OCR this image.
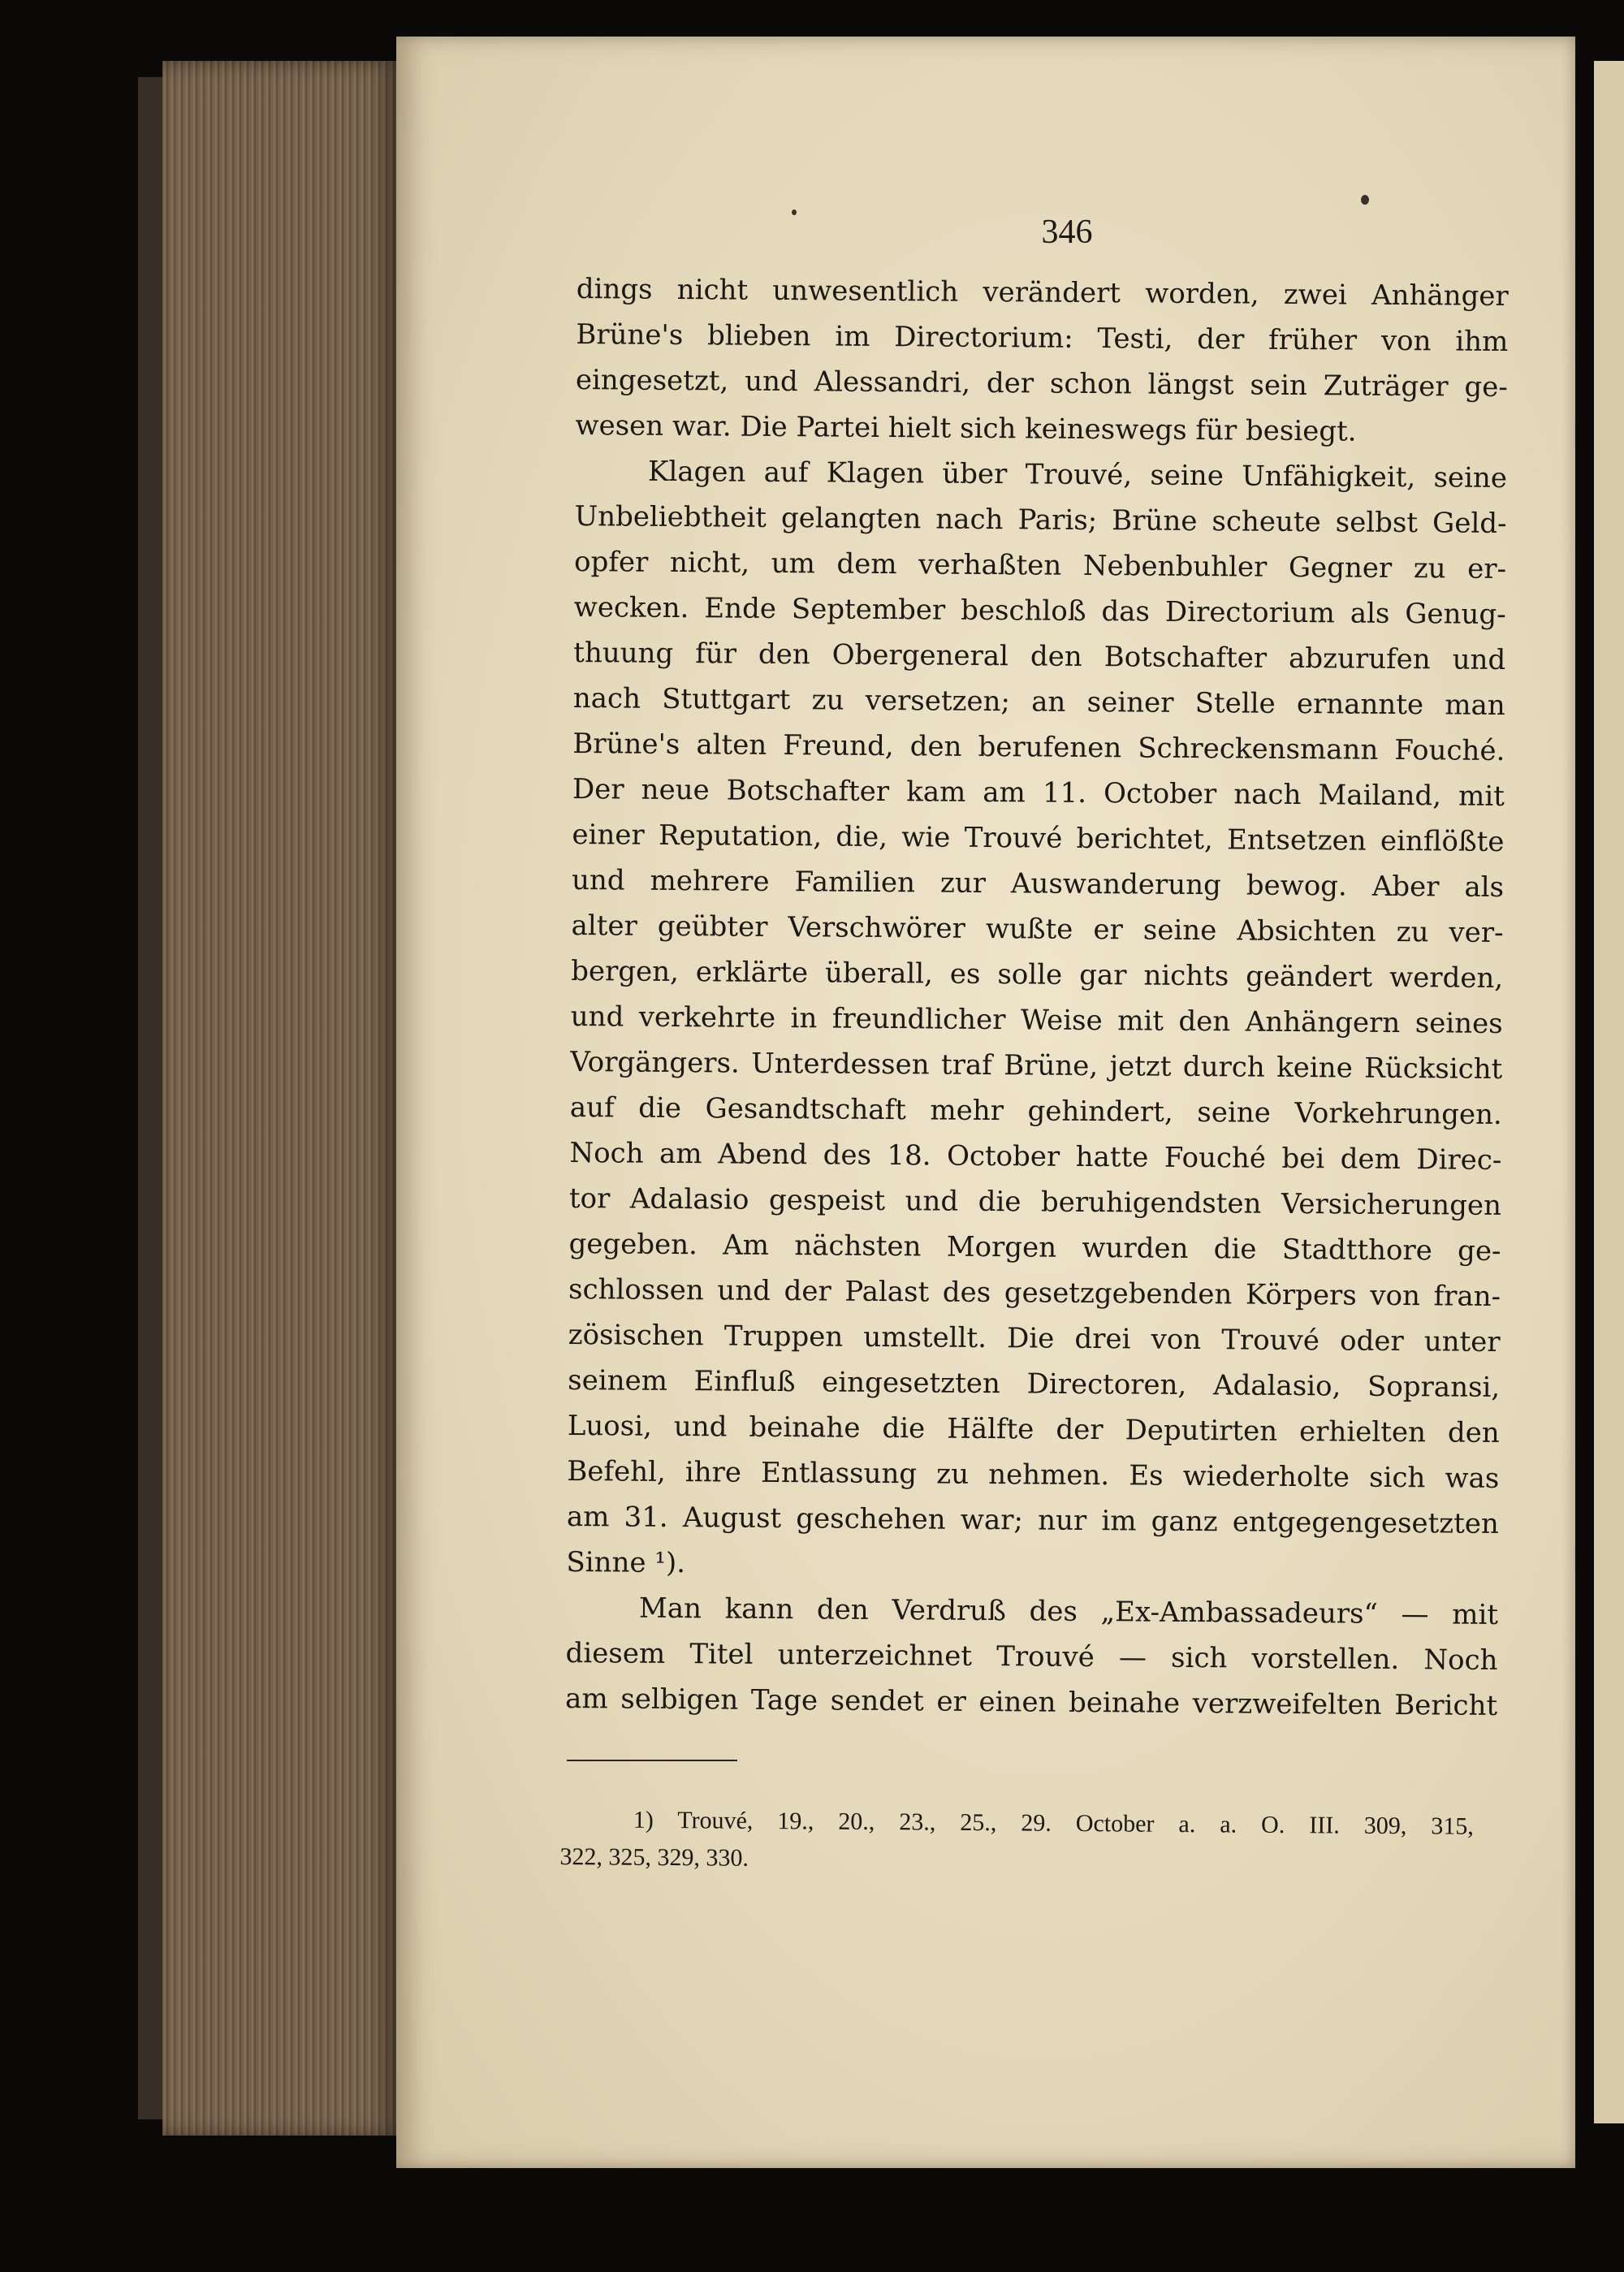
346
dings nicht unwesentlich verändert worden, zwei Anhänger
Brüne's blieben im Directorium: Testi, der früher von ihm
eingesetzt, und Alessandri, der schon längst sein Zuträger ge-
wesen war. Die Partei hielt sich keineswegs für besiegt.
Klagen auf Klagen über Trouvé, seine Unfähigkeit, seine
Unbeliebtheit gelangten nach Paris; Brüne scheute selbst Geld-
opfer nicht, um dem verhaßten Nebenbuhler Gegner zu er-
wecken. Ende September beschloß das Directorium als Genug-
thuung für den Obergeneral den Botschafter abzurufen und
nach Stuttgart zu versetzen; an seiner Stelle ernannte man
Brüne's alten Freund, den berufenen Schreckensmann Fouché.
Der neue Botschafter kam am 11. October nach Mailand, mit
einer Reputation, die, wie Trouvé berichtet, Entsetzen einflößte
und mehrere Familien zur Auswanderung bewog. Aber als
alter geübter Verschwörer wußte er seine Absichten zu ver-
bergen, erklärte überall, es solle gar nichts geändert werden,
und verkehrte in freundlicher Weise mit den Anhängern seines
Vorgängers. Unterdessen traf Brüne, jetzt durch keine Rücksicht
auf die Gesandtschaft mehr gehindert, seine Vorkehrungen.
Noch am Abend des 18. October hatte Fouché bei dem Direc-
tor Adalasio gespeist und die beruhigendsten Versicherungen
gegeben. Am nächsten Morgen wurden die Stadtthore ge-
schlossen und der Palast des gesetzgebenden Körpers von fran-
zösischen Truppen umstellt. Die drei von Trouvé oder unter
seinem Einfluß eingesetzten Directoren, Adalasio, Sopransi,
Luosi, und beinahe die Hälfte der Deputirten erhielten den
Befehl, ihre Entlassung zu nehmen. Es wiederholte sich was
am 31. August geschehen war; nur im ganz entgegengesetzten
Sinne ¹).
Man kann den Verdruß des „Ex-Ambassadeurs“ — mit
diesem Titel unterzeichnet Trouvé — sich vorstellen. Noch
am selbigen Tage sendet er einen beinahe verzweifelten Bericht
1) Trouvé, 19., 20., 23., 25., 29. October a. a. O. III. 309, 315,
322, 325, 329, 330.
